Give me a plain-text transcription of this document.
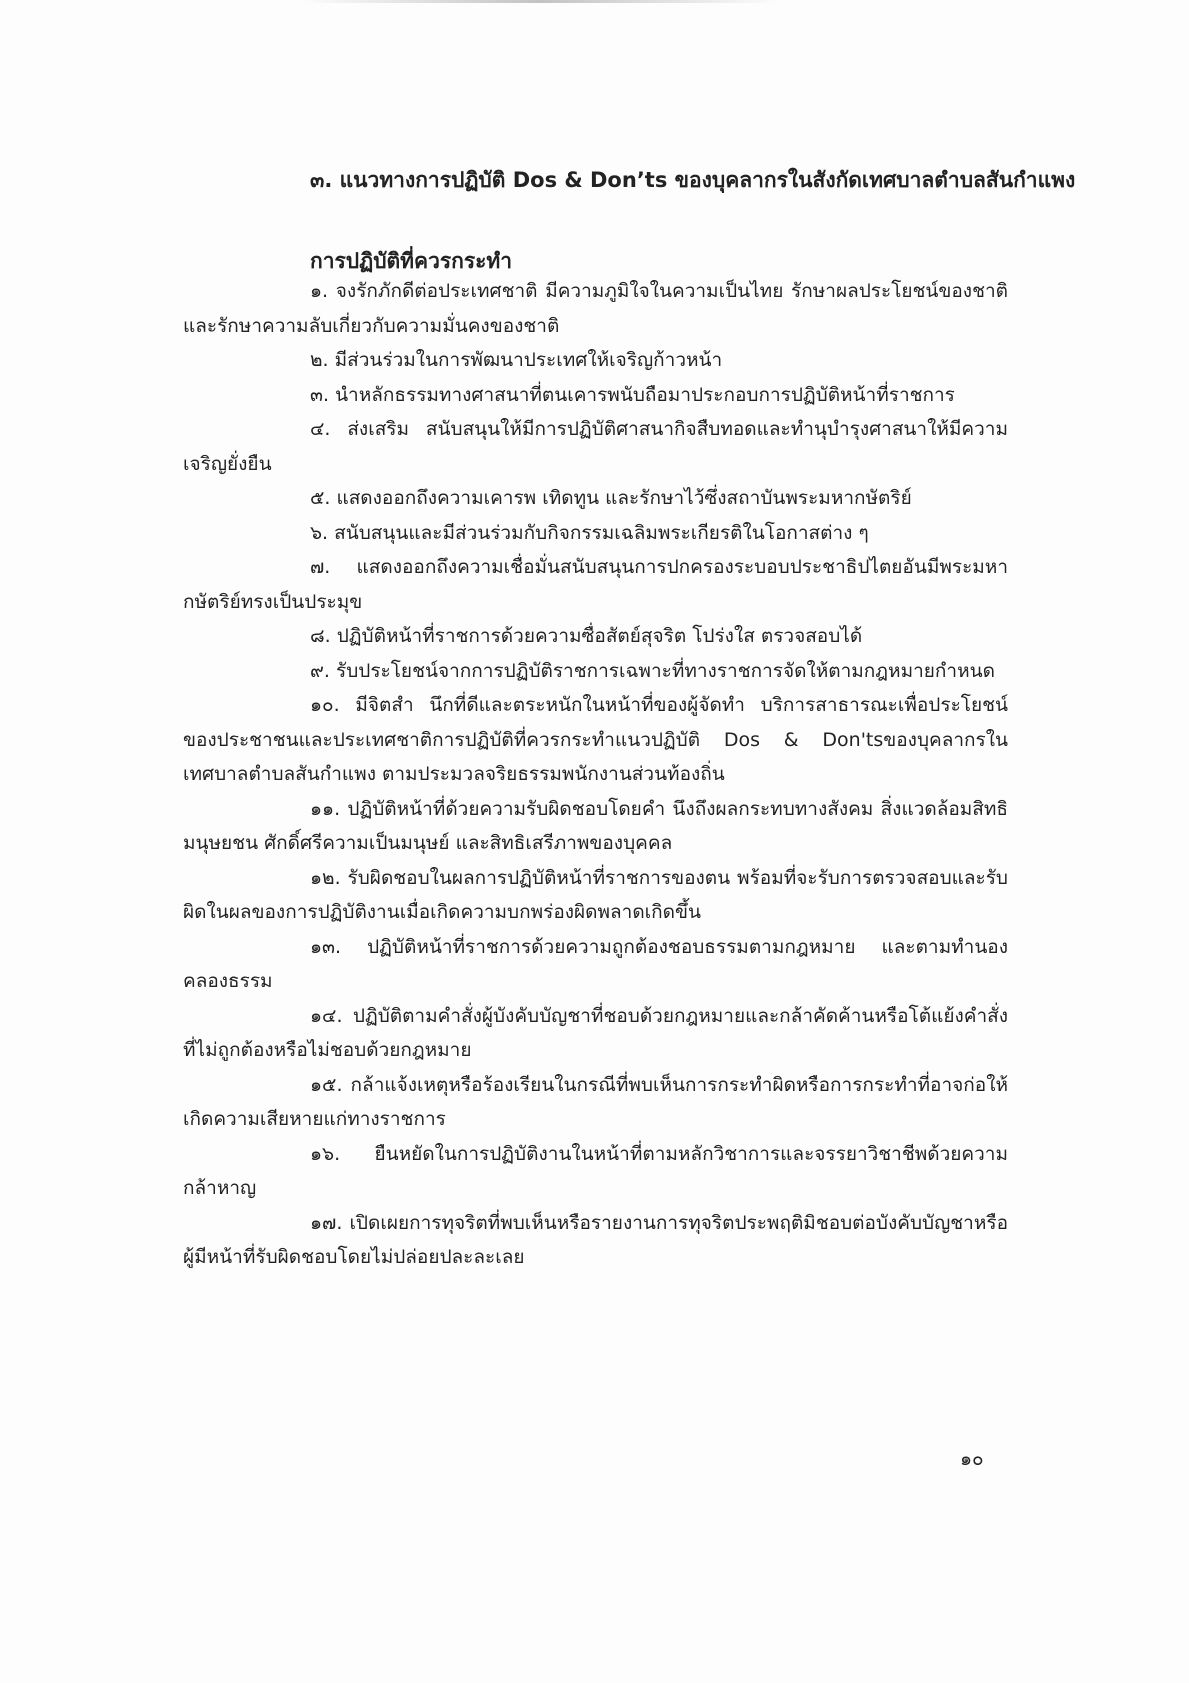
๓. แนวทางการปฏิบัติ Dos & Don’ts ของบุคลากรในสังกัดเทศบาลตำบลสันกำแพง
การปฏิบัติที่ควรกระทำ

๑. จงรักภักดีต่อประเทศชาติ มีความภูมิใจในความเป็นไทย รักษาผลประโยชน์ของชาติ และรักษาความลับเกี่ยวกับความมั่นคงของชาติ

๒. มีส่วนร่วมในการพัฒนาประเทศให้เจริญก้าวหน้า

๓. นำหลักธรรมทางศาสนาที่ตนเคารพนับถือมาประกอบการปฏิบัติหน้าที่ราชการ

๔. ส่งเสริม สนับสนุนให้มีการปฏิบัติศาสนากิจสืบทอดและทำนุบำรุงศาสนาให้มีความเจริญยั่งยืน

๕. แสดงออกถึงความเคารพ เทิดทูน และรักษาไว้ซึ่งสถาบันพระมหากษัตริย์

๖. สนับสนุนและมีส่วนร่วมกับกิจกรรมเฉลิมพระเกียรติในโอกาสต่าง ๆ

๗. แสดงออกถึงความเชื่อมั่นสนับสนุนการปกครองระบอบประชาธิปไตยอันมีพระมหากษัตริย์ทรงเป็นประมุข

๘. ปฏิบัติหน้าที่ราชการด้วยความซื่อสัตย์สุจริต โปร่งใส ตรวจสอบได้

๙. รับประโยชน์จากการปฏิบัติราชการเฉพาะที่ทางราชการจัดให้ตามกฎหมายกำหนด

๑๐. มีจิตสำ นึกที่ดีและตระหนักในหน้าที่ของผู้จัดทำ บริการสาธารณะเพื่อประโยชน์ของประชาชนและประเทศชาติการปฏิบัติที่ควรกระทำแนวปฏิบัติ Dos & Don'tsของบุคลากรในเทศบาลตำบลสันกำแพง ตามประมวลจริยธรรมพนักงานส่วนท้องถิ่น

๑๑. ปฏิบัติหน้าที่ด้วยความรับผิดชอบโดยคำ นึงถึงผลกระทบทางสังคม สิ่งแวดล้อมสิทธิมนุษยชน ศักดิ์ศรีความเป็นมนุษย์ และสิทธิเสรีภาพของบุคคล

๑๒. รับผิดชอบในผลการปฏิบัติหน้าที่ราชการของตน พร้อมที่จะรับการตรวจสอบและรับผิดในผลของการปฏิบัติงานเมื่อเกิดความบกพร่องผิดพลาดเกิดขึ้น

๑๓. ปฏิบัติหน้าที่ราชการด้วยความถูกต้องชอบธรรมตามกฎหมาย และตามทำนองคลองธรรม

๑๔. ปฏิบัติตามคำสั่งผู้บังคับบัญชาที่ชอบด้วยกฎหมายและกล้าคัดค้านหรือโต้แย้งคำสั่งที่ไม่ถูกต้องหรือไม่ชอบด้วยกฎหมาย

๑๕. กล้าแจ้งเหตุหรือร้องเรียนในกรณีที่พบเห็นการกระทำผิดหรือการกระทำที่อาจก่อให้เกิดความเสียหายแก่ทางราชการ

๑๖. ยืนหยัดในการปฏิบัติงานในหน้าที่ตามหลักวิชาการและจรรยาวิชาชีพด้วยความกล้าหาญ

๑๗. เปิดเผยการทุจริตที่พบเห็นหรือรายงานการทุจริตประพฤติมิชอบต่อบังคับบัญชาหรือผู้มีหน้าที่รับผิดชอบโดยไม่ปล่อยปละละเลย

๑๐
